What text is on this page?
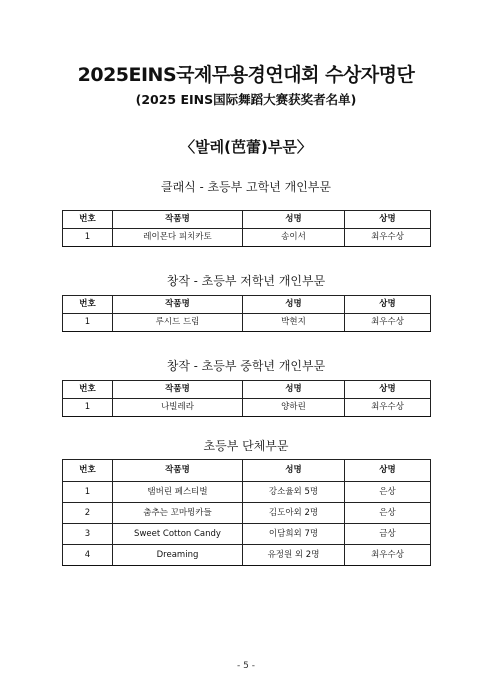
2025EINS국제무용경연대회 수상자명단
(2025 EINS国际舞蹈大赛获奖者名单)
〈발레(芭蕾)부문〉
클래식 - 초등부 고학년 개인부문
번호	작품명	성명	상명
1	레이몬다 피치카토	송이서	최우수상
창작 - 초등부 저학년 개인부문
번호	작품명	성명	상명
1	루시드 드림	박현지	최우수상
창작 - 초등부 중학년 개인부문
번호	작품명	성명	상명
1	나빌레라	양하린	최우수상
초등부 단체부문
번호	작품명	성명	상명
1	탬버린 페스티벌	강소율외 5명	은상
2	춤추는 꼬마뮝카들	김도아외 2명	은상
3	Sweet Cotton Candy	이담희외 7명	금상
4	Dreaming	유정원 외 2명	최우수상
- 5 -
